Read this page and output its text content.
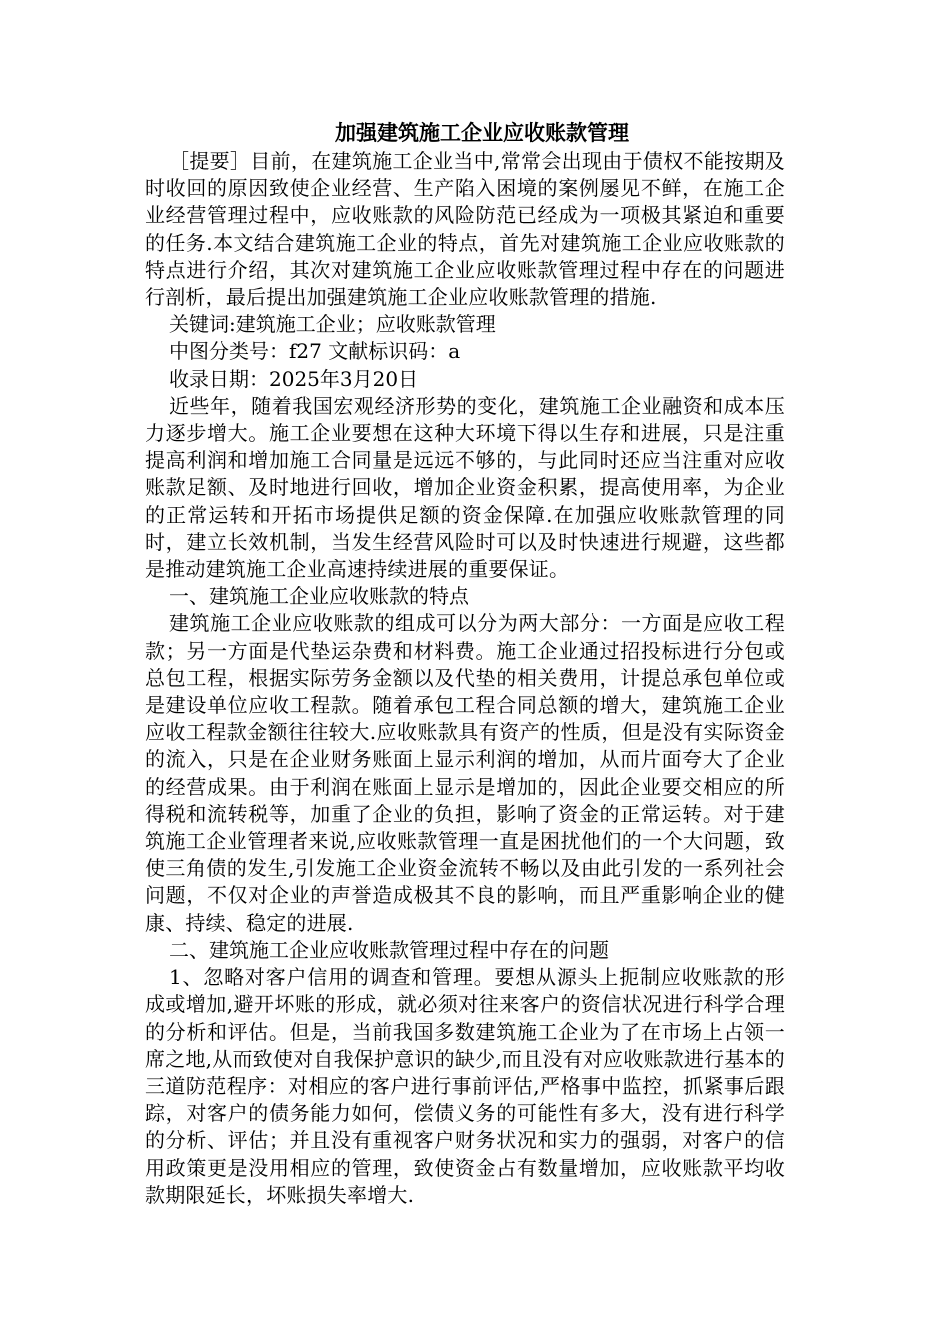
加强建筑施工企业应收账款管理

［提要］目前，在建筑施工企业当中,常常会出现由于债权不能按期及时收回的原因致使企业经营、生产陷入困境的案例屡见不鲜，在施工企业经营管理过程中，应收账款的风险防范已经成为一项极其紧迫和重要的任务.本文结合建筑施工企业的特点，首先对建筑施工企业应收账款的特点进行介绍，其次对建筑施工企业应收账款管理过程中存在的问题进行剖析，最后提出加强建筑施工企业应收账款管理的措施.

关键词:建筑施工企业；应收账款管理

中图分类号：f27 文献标识码：a

收录日期：2025年3月20日

近些年，随着我国宏观经济形势的变化，建筑施工企业融资和成本压力逐步增大。施工企业要想在这种大环境下得以生存和进展，只是注重提高利润和增加施工合同量是远远不够的，与此同时还应当注重对应收账款足额、及时地进行回收，增加企业资金积累，提高使用率，为企业的正常运转和开拓市场提供足额的资金保障.在加强应收账款管理的同时，建立长效机制，当发生经营风险时可以及时快速进行规避，这些都是推动建筑施工企业高速持续进展的重要保证。

一、建筑施工企业应收账款的特点

建筑施工企业应收账款的组成可以分为两大部分：一方面是应收工程款；另一方面是代垫运杂费和材料费。施工企业通过招投标进行分包或总包工程，根据实际劳务金额以及代垫的相关费用，计提总承包单位或是建设单位应收工程款。随着承包工程合同总额的增大，建筑施工企业应收工程款金额往往较大.应收账款具有资产的性质，但是没有实际资金的流入，只是在企业财务账面上显示利润的增加，从而片面夸大了企业的经营成果。由于利润在账面上显示是增加的，因此企业要交相应的所得税和流转税等，加重了企业的负担，影响了资金的正常运转。对于建筑施工企业管理者来说,应收账款管理一直是困扰他们的一个大问题，致使三角债的发生,引发施工企业资金流转不畅以及由此引发的一系列社会问题，不仅对企业的声誉造成极其不良的影响，而且严重影响企业的健康、持续、稳定的进展.

二、建筑施工企业应收账款管理过程中存在的问题

1、忽略对客户信用的调查和管理。要想从源头上扼制应收账款的形成或增加,避开坏账的形成，就必须对往来客户的资信状况进行科学合理的分析和评估。但是，当前我国多数建筑施工企业为了在市场上占领一席之地,从而致使对自我保护意识的缺少,而且没有对应收账款进行基本的三道防范程序：对相应的客户进行事前评估,严格事中监控，抓紧事后跟踪，对客户的债务能力如何，偿债义务的可能性有多大，没有进行科学的分析、评估；并且没有重视客户财务状况和实力的强弱，对客户的信用政策更是没用相应的管理，致使资金占有数量增加，应收账款平均收款期限延长，坏账损失率增大.
